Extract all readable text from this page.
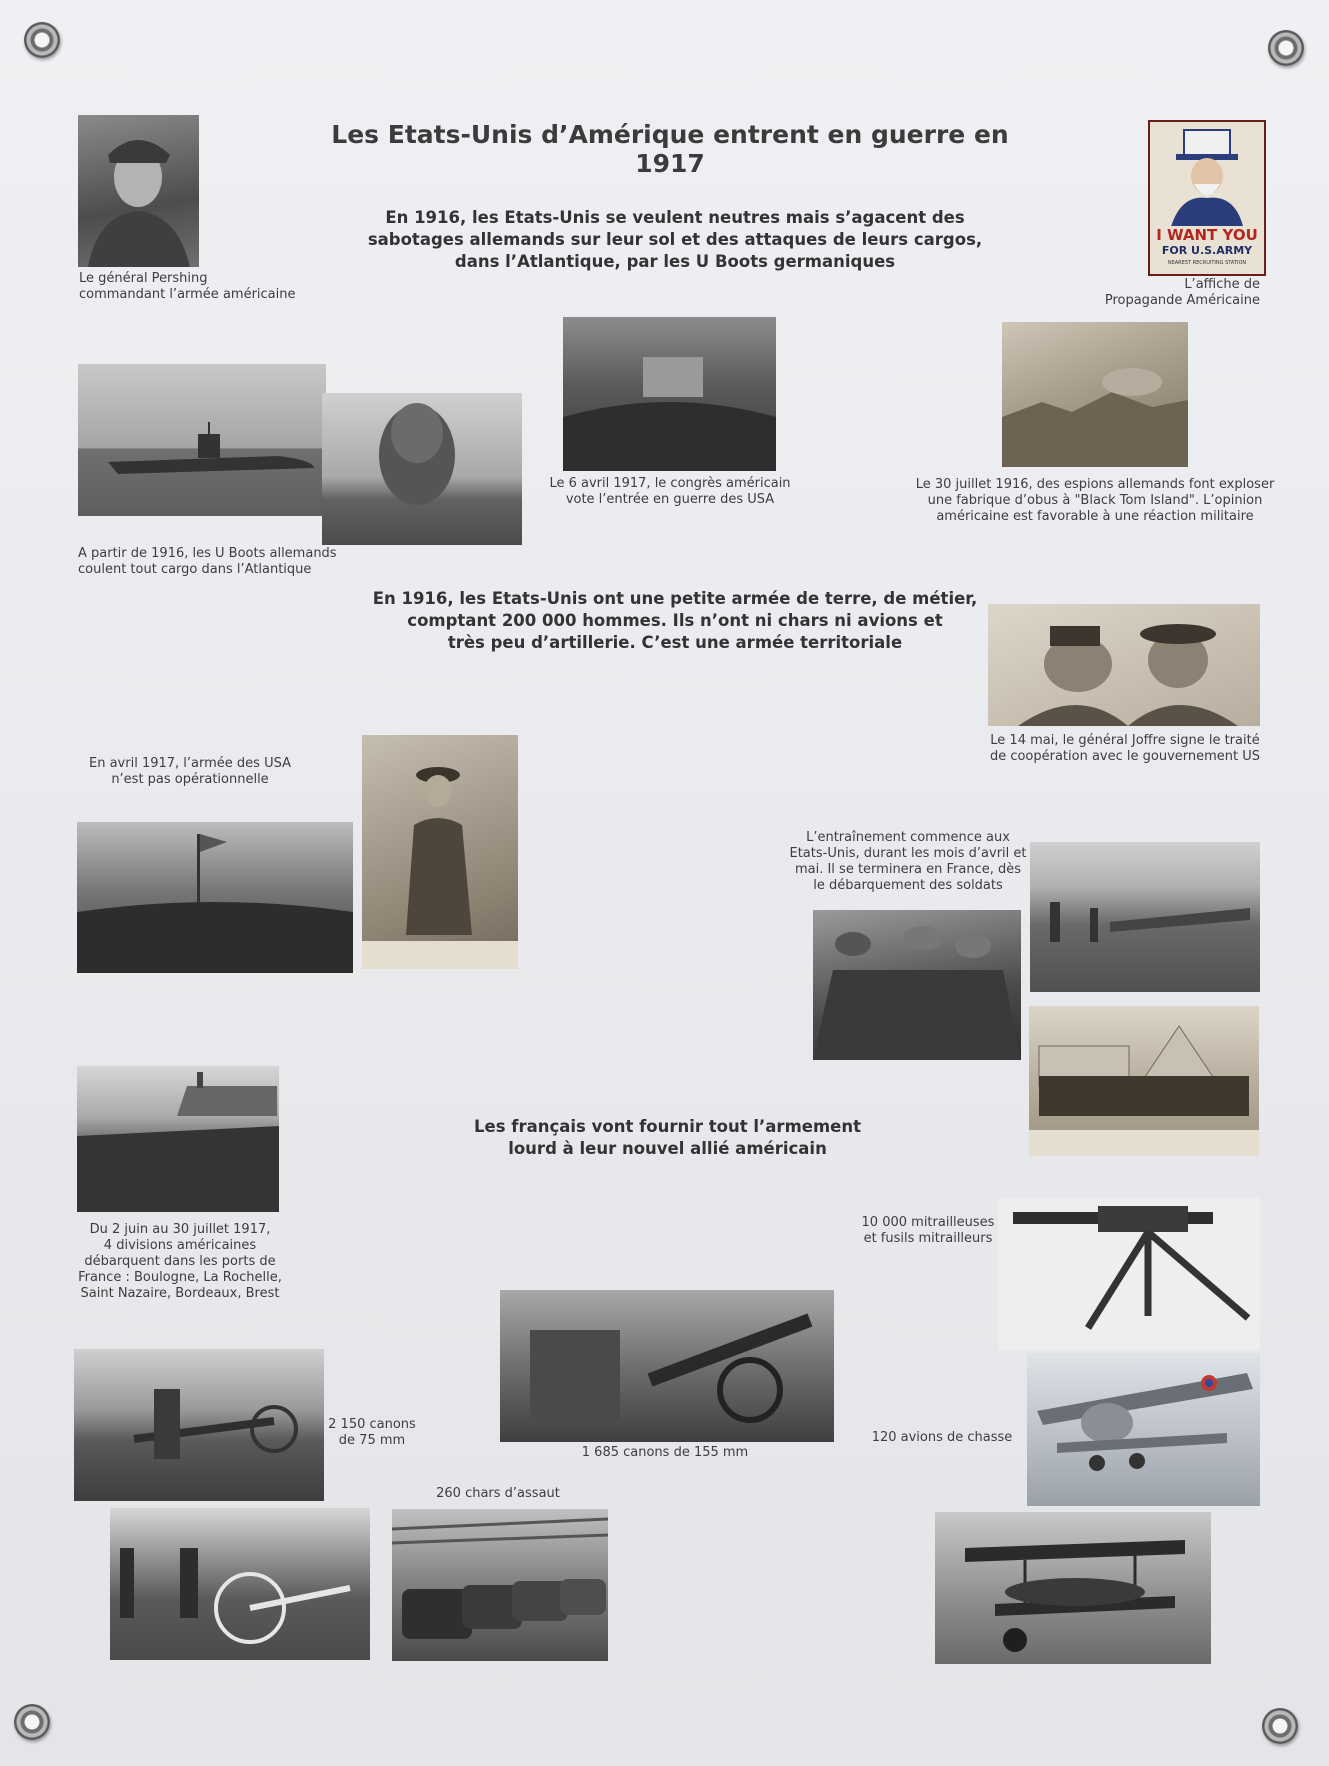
Les Etats-Unis d’Amérique entrent en guerre en 1917
En 1916, les Etats-Unis se veulent neutres mais s’agacent des
sabotages allemands sur leur sol et des attaques de leurs cargos,
dans l’Atlantique, par les U Boots germaniques
Le général Pershing
commandant l’armée américaine
I WANT YOU
FOR U.S.ARMY
NEAREST RECRUITING STATION
L’affiche de
Propagande Américaine
A partir de 1916, les U Boots allemands
coulent tout cargo dans l’Atlantique
Le 6 avril 1917, le congrès américain
vote l’entrée en guerre des USA
Le 30 juillet 1916, des espions allemands font exploser
une fabrique d’obus à "Black Tom Island". L’opinion
américaine est favorable à une réaction militaire
En 1916, les Etats-Unis ont une petite armée de terre, de métier,
comptant 200 000 hommes. Ils n’ont ni chars ni avions et
très peu d’artillerie. C’est une armée territoriale
Le 14 mai, le général Joffre signe le traité
de coopération avec le gouvernement US
En avril 1917, l’armée des USA
n’est pas opérationnelle
L’entraînement commence aux
Etats-Unis, durant les mois d’avril et
mai. Il se terminera en France, dès
le débarquement des soldats
Du 2 juin au 30 juillet 1917,
4 divisions américaines
débarquent dans les ports de
France : Boulogne, La Rochelle,
Saint Nazaire, Bordeaux, Brest
Les français vont fournir tout l’armement
lourd à leur nouvel allié américain
10 000 mitrailleuses
et fusils mitrailleurs
2 150 canons
de 75 mm
1 685 canons de 155 mm
120 avions de chasse
260 chars d’assaut
